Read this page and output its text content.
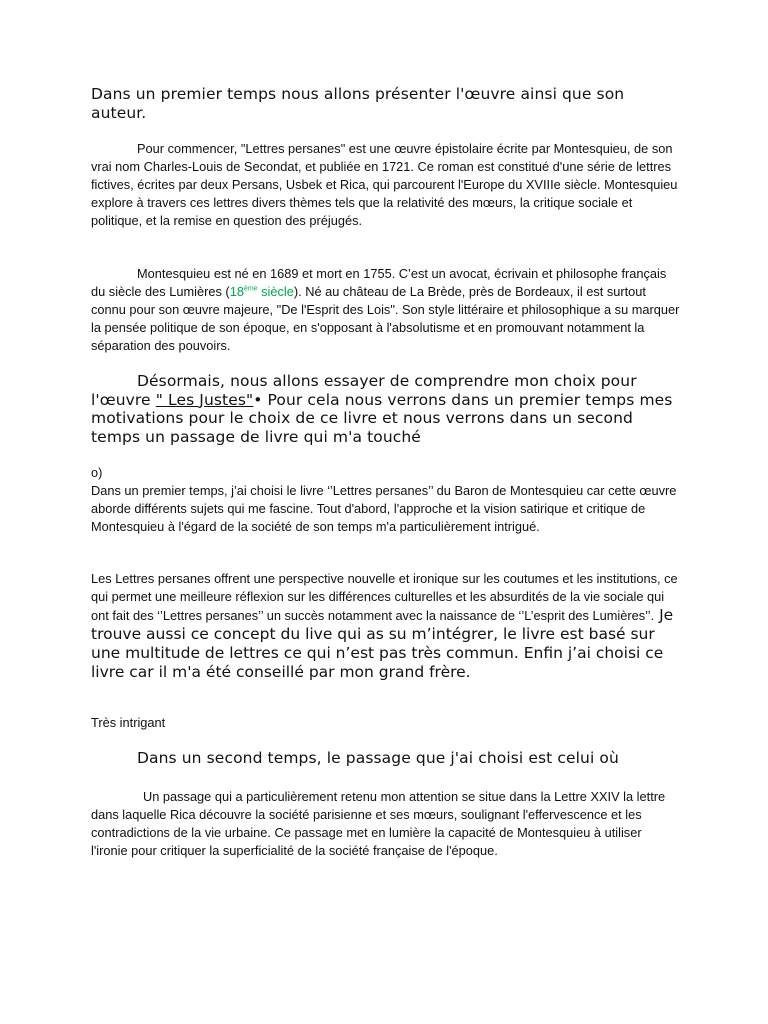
Dans un premier temps nous allons présenter l'œuvre ainsi que son auteur.

Pour commencer, "Lettres persanes" est une œuvre épistolaire écrite par Montesquieu, de son vrai nom Charles-Louis de Secondat, et publiée en 1721. Ce roman est constitué d'une série de lettres fictives, écrites par deux Persans, Usbek et Rica, qui parcourent l'Europe du XVIIIe siècle. Montesquieu explore à travers ces lettres divers thèmes tels que la relativité des mœurs, la critique sociale et politique, et la remise en question des préjugés.

Montesquieu est né en 1689 et mort en 1755. C’est un avocat, écrivain et philosophe français du siècle des Lumières (18ème siècle). Né au château de La Brède, près de Bordeaux, il est surtout connu pour son œuvre majeure, "De l'Esprit des Lois". Son style littéraire et philosophique a su marquer la pensée politique de son époque, en s'opposant à l'absolutisme et en promouvant notamment la séparation des pouvoirs.

Désormais, nous allons essayer de comprendre mon choix pour l'œuvre " Les Justes"• Pour cela nous verrons dans un premier temps mes motivations pour le choix de ce livre et nous verrons dans un second temps un passage de livre qui m'a touché

o)

Dans un premier temps, j’ai choisi le livre ‘’Lettres persanes’’ du Baron de Montesquieu car cette œuvre aborde différents sujets qui me fascine. Tout d'abord, l'approche et la vision satirique et critique de Montesquieu à l'égard de la société de son temps m'a particulièrement intrigué.

Les Lettres persanes offrent une perspective nouvelle et ironique sur les coutumes et les institutions, ce qui permet une meilleure réflexion sur les différences culturelles et les absurdités de la vie sociale qui ont fait des ‘’Lettres persanes’’ un succès notamment avec la naissance de ‘’L’esprit des Lumières’’. Je trouve aussi ce concept du live qui as su m’intégrer, le livre est basé sur une multitude de lettres ce qui n’est pas très commun. Enfin j’ai choisi ce livre car il m'a été conseillé par mon grand frère.

Très intrigant

Dans un second temps, le passage que j'ai choisi est celui où

Un passage qui a particulièrement retenu mon attention se situe dans la Lettre XXIV la lettre dans laquelle Rica découvre la société parisienne et ses mœurs, soulignant l'effervescence et les contradictions de la vie urbaine. Ce passage met en lumière la capacité de Montesquieu à utiliser l'ironie pour critiquer la superficialité de la société française de l'époque.
